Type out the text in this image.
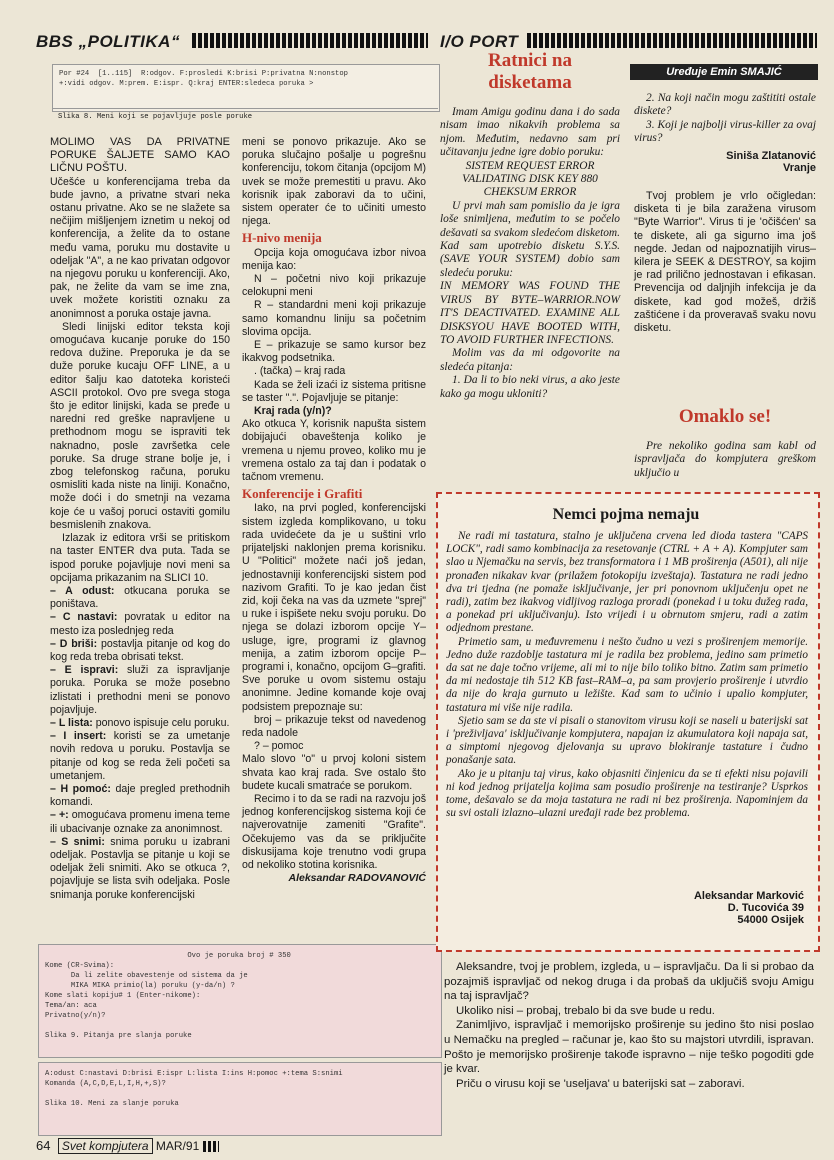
BBS „POLITIKA“	I/O PORT
Por #24  [1..115]  R:odgov. F:prosledi K:brisi P:privatna N:nonstop
+:vidi odgov. M:prem. E:ispr. Q:kraj ENTER:sledeca poruka >
Slika 8. Meni koji se pojavljuje posle poruke

MOLIMO VAS DA PRIVATNE PORUKE ŠALJETE SAMO KAO LIČNU POŠTU.

Učešće u konferencijama treba da bude javno, a privatne stvari neka ostanu privatne. Ako se ne slažete sa nečijim mišljenjem iznetim u nekoj od konferencija, a želite da to ostane među vama, poruku mu dostavite u odeljak "A", a ne kao privatan odgovor na njegovu poruku u konferenciji. Ako, pak, ne želite da vam se ime zna, uvek možete koristiti oznaku za anonimnost a poruka ostaje javna.

Sledi linijski editor teksta koji omogućava kucanje poruke do 150 redova dužine. Preporuka je da se duže poruke kucaju OFF LINE, a u editor šalju kao datoteka koristeći ASCII protokol. Ovo pre svega stoga što je editor linijski, kada se pređe u naredni red greške napravljene u prethodnom mogu se ispraviti tek naknadno, posle završetka cele poruke. Sa druge strane bolje je, i zbog telefonskog računa, poruku osmisliti kada niste na liniji. Konačno, može doći i do smetnji na vezama koje će u vašoj poruci ostaviti gomilu besmislenih znakova.

Izlazak iz editora vrši se pritiskom na taster ENTER dva puta. Tada se ispod poruke pojavljuje novi meni sa opcijama prikazanim na SLICI 10.

– A odust: otkucana poruka se poništava.

– C nastavi: povratak u editor na mesto iza poslednjeg reda

– D briši: postavlja pitanje od kog do kog reda treba obrisati tekst.

– E ispravi: služi za ispravljanje poruka. Poruka se može posebno izlistati i prethodni meni se ponovo pojavljuje.

– L lista: ponovo ispisuje celu poruku.

– I insert: koristi se za umetanje novih redova u poruku. Postavlja se pitanje od kog se reda želi početi sa umetanjem.

– H pomoć: daje pregled prethodnih komandi.

– +: omogućava promenu imena teme ili ubacivanje oznake za anonimnost.

– S snimi: snima poruku u izabrani odeljak. Postavlja se pitanje u koji se odeljak želi snimiti. Ako se otkuca ?, pojavljuje se lista svih odeljaka. Posle snimanja poruke konferencijski

meni se ponovo prikazuje. Ako se poruka slučajno pošalje u pogrešnu konferenciju, tokom čitanja (opcijom M) uvek se može premestiti u pravu. Ako korisnik ipak zaboravi da to učini, sistem operater će to učiniti umesto njega.

H-nivo menija

Opcija koja omogućava izbor nivoa menija kao:

N – početni nivo koji prikazuje celokupni meni

R – standardni meni koji prikazuje samo komandnu liniju sa početnim slovima opcija.

E – prikazuje se samo kursor bez ikakvog podsetnika.

. (tačka) – kraj rada

Kada se želi izaći iz sistema pritisne se taster ".". Pojavljuje se pitanje:

Kraj rada (y/n)?

Ako otkuca Y, korisnik napušta sistem dobijajući obaveštenja koliko je vremena u njemu proveo, koliko mu je vremena ostalo za taj dan i podatak o tačnom vremenu.

Konferencije i Grafiti

Iako, na prvi pogled, konferencijski sistem izgleda komplikovano, u toku rada uvidećete da je u suštini vrlo prijateljski naklonjen prema korisniku. U "Politici" možete naći još jedan, jednostavniji konferencijski sistem pod nazivom Grafiti. To je kao jedan čist zid, koji čeka na vas da uzmete "sprej" u ruke i ispišete neku svoju poruku. Do njega se dolazi izborom opcije Y–usluge, igre, programi iz glavnog menija, a zatim izborom opcije P–programi i, konačno, opcijom G–grafiti. Sve poruke u ovom sistemu ostaju anonimne. Jedine komande koje ovaj podsistem prepoznaje su:

broj – prikazuje tekst od navedenog reda nadole

? – pomoc

Malo slovo "o" u prvoj koloni sistem shvata kao kraj rada. Sve ostalo što budete kucali smatraće se porukom.

Recimo i to da se radi na razvoju još jednog konferencijskog sistema koji će najverovatnije zameniti "Grafite". Očekujemo vas da se priključite diskusijama koje trenutno vodi grupa od nekoliko stotina korisnika.

Aleksandar RADOVANOVIĆ
Ovo je poruka broj # 350
Kome (CR-Svima):
Da li zelite obavestenje od sistema da je
MIKA MIKA primio(la) poruku (y-da/n) ?
Kome slati kopiju# 1 (Enter-nikome):
Tema/an: aca
Privatno(y/n)?

Slika 9. Pitanja pre slanja poruke
A:odust C:nastavi D:brisi E:ispr L:lista I:ins H:pomoc +:tema S:snimi
Komanda (A,C,D,E,L,I,H,+,S)?

Slika 10. Meni za slanje poruka
Ratnici na
disketama	Uređuje Emin SMAJIĆ

Imam Amigu godinu dana i do sada nisam imao nikakvih problema sa njom. Međutim, nedavno sam pri učitavanju jedne igre dobio poruku:

SISTEM REQUEST ERROR VALIDATING DISK KEY 880 CHEKSUM ERROR

U prvi mah sam pomislio da je igra loše snimljena, međutim to se počelo dešavati sa svakom sledećom disketom. Kad sam upotrebio disketu S.Y.S. (SAVE YOUR SYSTEM) dobio sam sledeću poruku:

IN MEMORY WAS FOUND THE VIRUS BY BYTE–WARRIOR.NOW IT'S DEACTIVATED. EXAMINE ALL DISKSYOU HAVE BOOTED WITH, TO AVOID FURTHER INFECTIONS.

Molim vas da mi odgovorite na sledeća pitanja:

1. Da li to bio neki virus, a ako jeste kako ga mogu ukloniti?

2. Na koji način mogu zaštititi ostale diskete?

3. Koji je najbolji virus-killer za ovaj virus?

Siniša Zlatanović
Vranje

Tvoj problem je vrlo očigledan: disketa ti je bila zaražena virusom "Byte Warrior". Virus ti je 'očišćen' sa te diskete, ali ga sigurno ima još negde. Jedan od najpoznatijih virus–kilera je SEEK & DESTROY, sa kojim je rad prilično jednostavan i efikasan. Prevencija od daljnjih infekcija je da diskete, kad god možeš, držiš zaštićene i da proveravaš svaku novu disketu.

Omaklo se!

Pre nekoliko godina sam kabl od ispravljača do kompjutera greškom uključio u

Nemci pojma nemaju

Ne radi mi tastatura, stalno je uključena crvena led dioda tastera "CAPS LOCK", radi samo kombinacija za resetovanje (CTRL + A + A). Kompjuter sam slao u Njemačku na servis, bez transformatora i 1 MB proširenja (A501), ali nije pronađen nikakav kvar (prilažem fotokopiju izveštaja). Tastatura ne radi jedno dva tri tjedna (ne pomaže isključivanje, jer pri ponovnom uključenju opet ne radi), zatim bez ikakvog vidljivog razloga proradi (ponekad i u toku dužeg rada, a ponekad pri uključivanju). Isto vrijedi i u obrnutom smjeru, radi a zatim odjednom prestane.

Primetio sam, u međuvremenu i nešto čudno u vezi s proširenjem memorije. Jedno duže razdoblje tastatura mi je radila bez problema, jedino sam primetio da sat ne daje točno vrijeme, ali mi to nije bilo toliko bitno. Zatim sam primetio da mi nedostaje tih 512 KB fast–RAM–a, pa sam provjerio proširenje i utvrdio da nije do kraja gurnuto u ležište. Kad sam to učinio i upalio kompjuter, tastatura mi više nije radila.

Sjetio sam se da ste vi pisali o stanovitom virusu koji se naseli u baterijski sat i 'preživljava' isključivanje kompjutera, napajan iz akumulatora koji napaja sat, a simptomi njegovog djelovanja su upravo blokiranje tastature i čudno ponašanje sata.

Ako je u pitanju taj virus, kako objasniti činjenicu da se ti efekti nisu pojavili ni kod jednog prijatelja kojima sam posudio proširenje na testiranje? Usprkos tome, dešavalo se da moja tastatura ne radi ni bez proširenja. Napominjem da su svi ostali izlazno–ulazni uređaji rade bez problema.

Aleksandar Marković
D. Tucovića 39
54000 Osijek

Aleksandre, tvoj je problem, izgleda, u – ispravljaču. Da li si probao da pozajmiš ispravljač od nekog druga i da probaš da uključiš svoju Amigu na taj ispravljač?

Ukoliko nisi – probaj, trebalo bi da sve bude u redu.

Zanimljivo, ispravljač i memorijsko proširenje su jedino što nisi poslao u Nemačku na pregled – računar je, kao što su majstori utvrdili, ispravan. Pošto je memorijsko proširenje takođe ispravno – nije teško pogoditi gde je kvar.

Priču o virusu koji se 'useljava' u baterijski sat – zaboravi.

64 Svet kompjutera MAR/91
